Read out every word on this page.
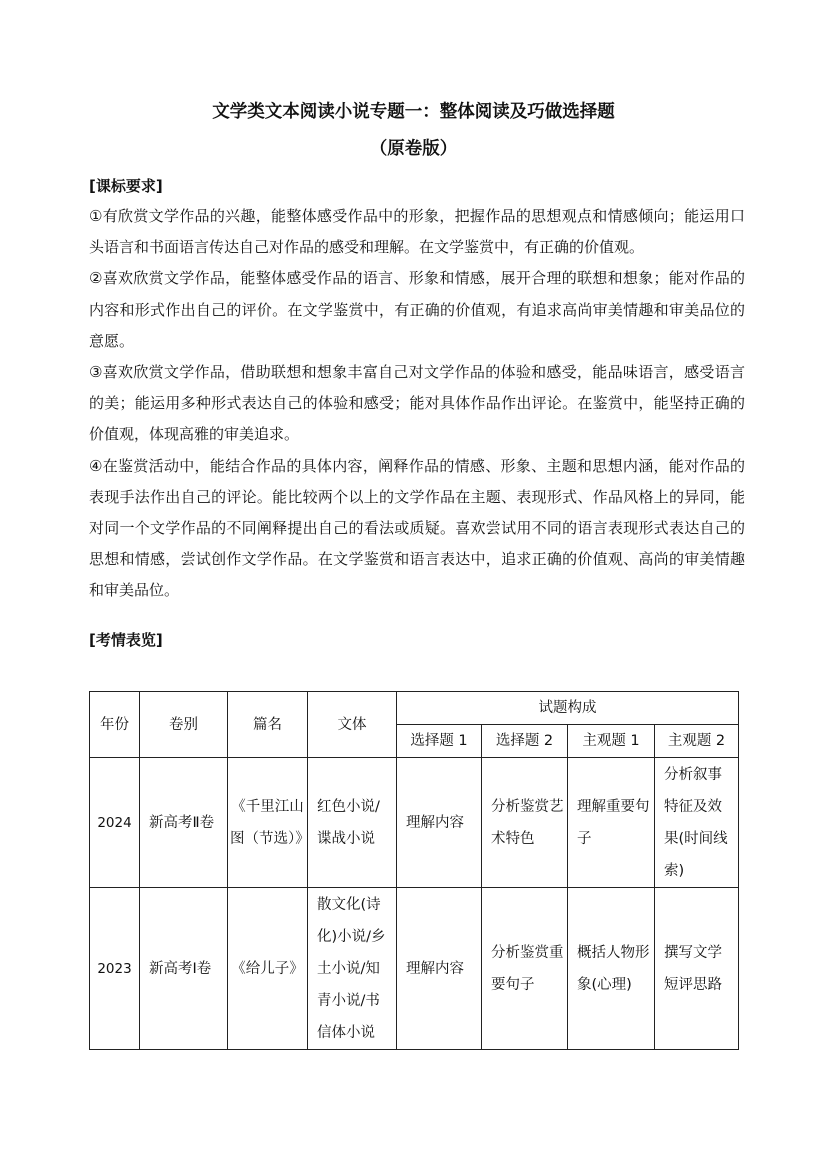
文学类文本阅读小说专题一：整体阅读及巧做选择题
（原卷版）
[课标要求]

①有欣赏文学作品的兴趣，能整体感受作品中的形象，把握作品的思想观点和情感倾向；能运用口头语言和书面语言传达自己对作品的感受和理解。在文学鉴赏中，有正确的价值观。

②喜欢欣赏文学作品，能整体感受作品的语言、形象和情感，展开合理的联想和想象；能对作品的内容和形式作出自己的评价。在文学鉴赏中，有正确的价值观，有追求高尚审美情趣和审美品位的意愿。

③喜欢欣赏文学作品，借助联想和想象丰富自己对文学作品的体验和感受，能品味语言，感受语言的美；能运用多种形式表达自己的体验和感受；能对具体作品作出评论。在鉴赏中，能坚持正确的价值观，体现高雅的审美追求。

④在鉴赏活动中，能结合作品的具体内容，阐释作品的情感、形象、主题和思想内涵，能对作品的表现手法作出自己的评论。能比较两个以上的文学作品在主题、表现形式、作品风格上的异同，能对同一个文学作品的不同阐释提出自己的看法或质疑。喜欢尝试用不同的语言表现形式表达自己的思想和情感，尝试创作文学作品。在文学鉴赏和语言表达中，追求正确的价值观、高尚的审美情趣和审美品位。

[考情表览]
年份	卷别	篇名	文体	试题构成			
				选择题 1	选择题 2	主观题 1	主观题 2
2024	新高考Ⅱ卷	《千里江山图（节选）》	红色小说/谍战小说	理解内容	分析鉴赏艺术特色	理解重要句子	分析叙事特征及效果(时间线索)
2023	新高考Ⅰ卷	《给儿子》	散文化(诗化)小说/乡土小说/知青小说/书信体小说	理解内容	分析鉴赏重要句子	概括人物形象(心理)	撰写文学短评思路
